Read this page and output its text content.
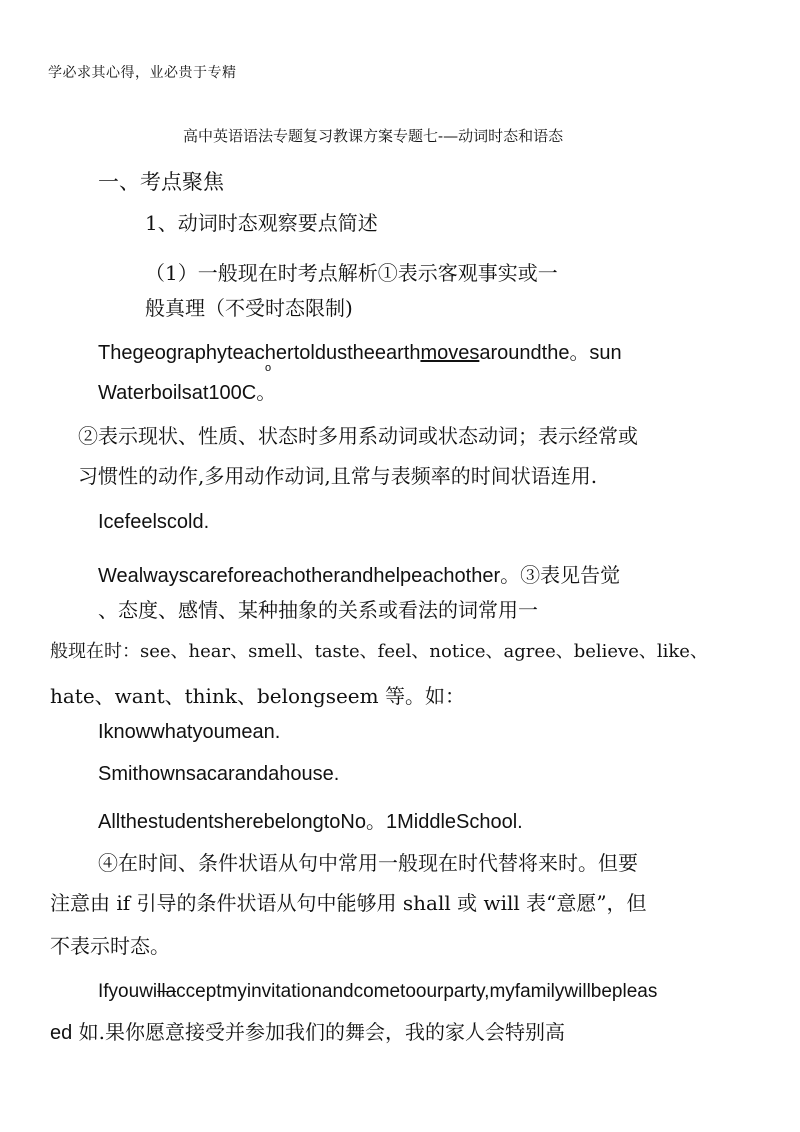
学必求其心得，业必贵于专精
高中英语语法专题复习教课方案专题七-—动词时态和语态
一、考点聚焦
1、动词时态观察要点简述
（1）一般现在时考点解析①表示客观事实或一
般真理（不受时态限制)
Thegeographyteachertoldustheearthmovesaroundthe。sun
o
Waterboilsat100C。
②表示现状、性质、状态时多用系动词或状态动词；表示经常或
习惯性的动作,多用动作动词,且常与表频率的时间状语连用.
Icefeelscold.
Wealwayscareforeachotherandhelpeachother。③表见告觉
、态度、感情、某种抽象的关系或看法的词常用一
般现在时：see、hear、smell、taste、feel、notice、agree、believe、like、
hate、want、think、belongseem 等。如：
Iknowwhatyoumean.
Smithownsacarandahouse.
AllthestudentsherebelongtoNo。1MiddleSchool.
④在时间、条件状语从句中常用一般现在时代替将来时。但要
注意由 if 引导的条件状语从句中能够用 shall 或 will 表“意愿”，但
不表示时态。
Ifyouwillacceptmyinvitationandcometoourparty,myfamilywillbepleas
ed 如.果你愿意接受并参加我们的舞会，我的家人会特别高
